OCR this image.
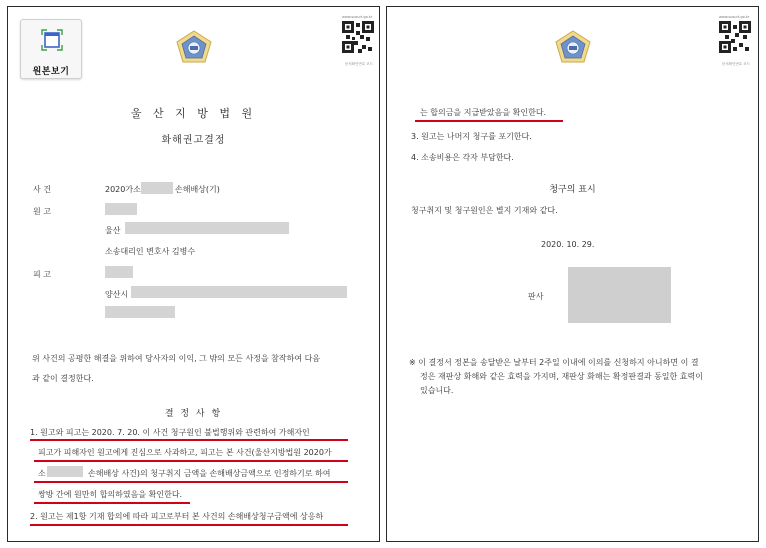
원본보기
www.scourt.go.kr
문서확인번호 코드
울 산 지 방 법 원
화해권고결정
사 건	2020가소	손해배상(기)
원 고
울산
소송대리인 변호사 김병수
피 고
양산시
위 사건의 공평한 해결을 위하여 당사자의 이익, 그 밖의 모든 사정을 참작하여 다음
과 같이 결정한다.
결 정 사 항
1. 원고와 피고는 2020. 7. 20. 이 사건 청구원인 불법행위와 관련하여 가해자인
피고가 피해자인 원고에게 진심으로 사과하고, 피고는 본 사건(울산지방법원 2020가
소	손해배상 사건)의 청구취지 금액을 손해배상금액으로 인정하기로 하여
쌍방 간에 원만히 합의하였음을 확인한다.
2. 원고는 제1항 기재 합의에 따라 피고로부터 본 사건의 손해배상청구금액에 상응하
www.scourt.go.kr
문서확인번호 코드
는 합의금을 지급받았음을 확인한다.
3. 원고는 나머지 청구를 포기한다.
4. 소송비용은 각자 부담한다.
청구의 표시
청구취지 및 청구원인은 별지 기재와 같다.
2020. 10. 29.
판사
※ 이 결정서 정본을 송달받은 날부터 2주일 이내에 이의를 신청하지 아니하면 이 결
정은 재판상 화해와 같은 효력을 가지며, 재판상 화해는 확정판결과 동일한 효력이
있습니다.
